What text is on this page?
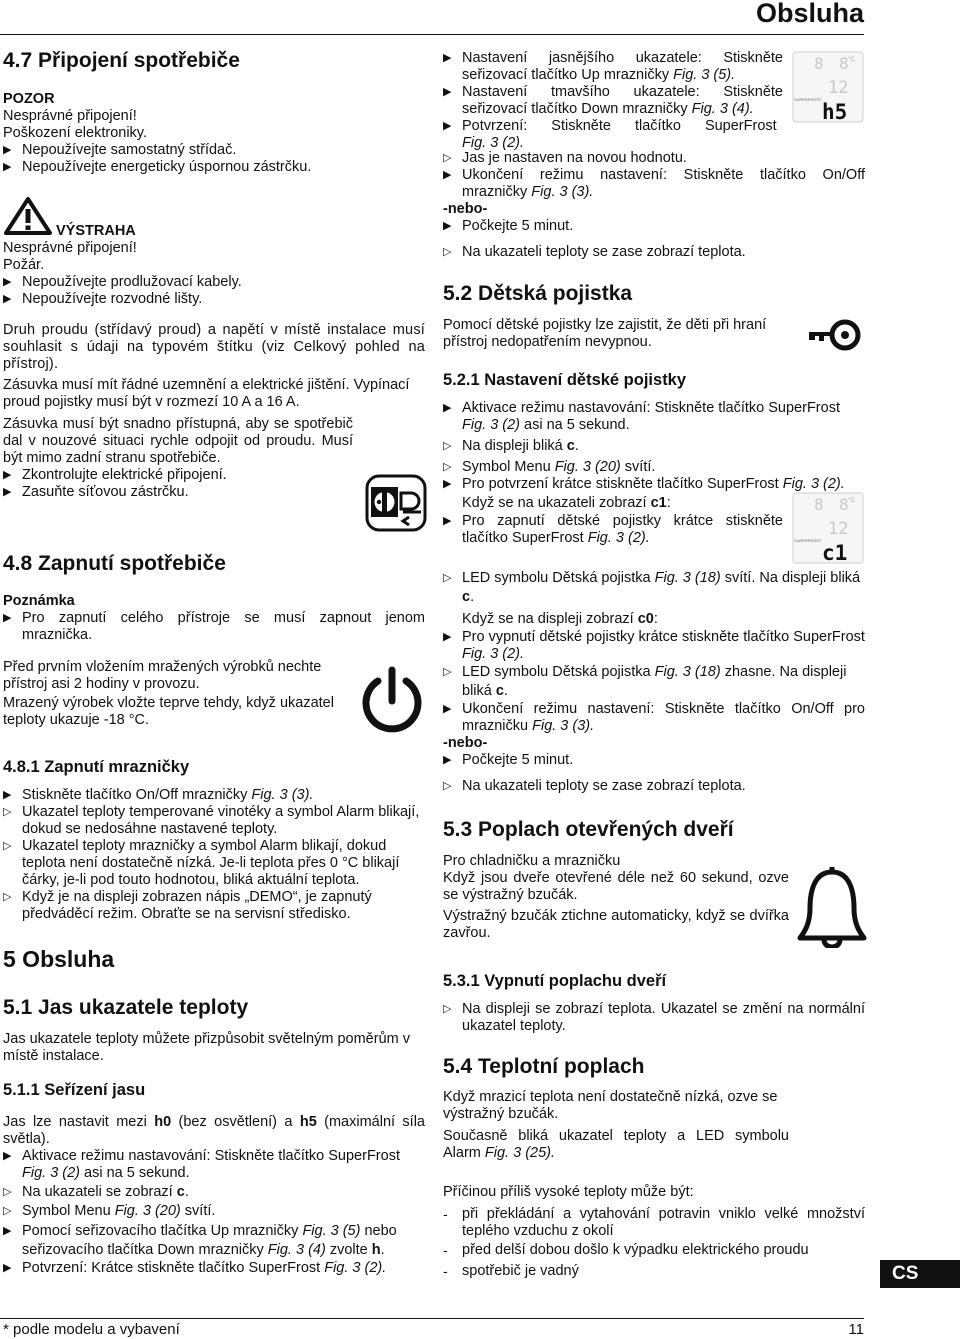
Obsluha
* podle modelu a vybavení	11
CS
4.7 Připojení spotřebiče

POZOR

Nesprávné připojení!

Poškození elektroniky.

▶ Nepoužívejte samostatný střídač.
▶ Nepoužívejte energeticky úspornou zástrčku.

VÝSTRAHA

Nesprávné připojení!

Požár.

▶ Nepoužívejte prodlužovací kabely.
▶ Nepoužívejte rozvodné lišty.

Druh proudu (střídavý proud) a napětí v místě instalace musí souhlasit s údaji na typovém štítku (viz Celkový pohled na přístroj).

Zásuvka musí mít řádné uzemnění a elektrické jištění. Vypínací proud pojistky musí být v rozmezí 10 A a 16 A.

Zásuvka musí být snadno přístupná, aby se spotřebič dal v nouzové situaci rychle odpojit od proudu. Musí být mimo zadní stranu spotřebiče.

▶ Zkontrolujte elektrické připojení.
▶ Zasuňte síťovou zástrčku.
4.8 Zapnutí spotřebiče

Poznámka

▶ Pro zapnutí celého přístroje se musí zapnout jenom mraznička.

Před prvním vložením mražených výrobků nechte přístroj asi 2 hodiny v provozu.

Mrazený výrobek vložte teprve tehdy, když ukazatel teploty ukazuje -18 °C.

4.8.1 Zapnutí mrazničky
▶ Stiskněte tlačítko On/Off mrazničky Fig. 3 (3).
▷ Ukazatel teploty temperované vinotéky a symbol Alarm blikají, dokud se nedosáhne nastavené teploty.
▷ Ukazatel teploty mrazničky a symbol Alarm blikají, dokud teplota není dostatečně nízká. Je-li teplota přes 0 °C blikají čárky, je-li pod touto hodnotou, bliká aktuální teplota.
▷ Když je na displeji zobrazen nápis „DEMO“, je zapnutý předváděcí režim. Obraťte se na servisní středisko.
5 Obsluha
5.1 Jas ukazatele teploty

Jas ukazatele teploty můžete přizpůsobit světelným poměrům v místě instalace.

5.1.1 Seřízení jasu

Jas lze nastavit mezi h0 (bez osvětlení) a h5 (maximální síla světla).

▶ Aktivace režimu nastavování: Stiskněte tlačítko SuperFrost Fig. 3 (2) asi na 5 sekund.
▷ Na ukazateli se zobrazí c.
▷ Symbol Menu Fig. 3 (20) svítí.
▶ Pomocí seřizovacího tlačítka Up mrazničky Fig. 3 (5) nebo seřizovacího tlačítka Down mrazničky Fig. 3 (4) zvolte h.
▶ Potvrzení: Krátce stiskněte tlačítko SuperFrost Fig. 3 (2).
▶ Nastavení jasnějšího ukazatele: Stiskněte seřizovací tlačítko Up mrazničky Fig. 3 (5).
▶ Nastavení tmavšího ukazatele: Stiskněte seřizovací tlačítko Down mrazničky Fig. 3 (4).
▶ Potvrzení: Stiskněte tlačítko SuperFrost Fig. 3 (2).
8 8 °C
12
h5
SUPERFROST
▷ Jas je nastaven na novou hodnotu.
▶ Ukončení režimu nastavení: Stiskněte tlačítko On/Off mrazničky Fig. 3 (3).

-nebo-

▶ Počkejte 5 minut.
▷ Na ukazateli teploty se zase zobrazí teplota.
5.2 Dětská pojistka

Pomocí dětské pojistky lze zajistit, že děti při hraní přístroj nedopatřením nevypnou.

5.2.1 Nastavení dětské pojistky
▶ Aktivace režimu nastavování: Stiskněte tlačítko SuperFrost Fig. 3 (2) asi na 5 sekund.
▷ Na displeji bliká c.
▷ Symbol Menu Fig. 3 (20) svítí.
▶ Pro potvrzení krátce stiskněte tlačítko SuperFrost Fig. 3 (2).

Když se na ukazateli zobrazí c1:

▶ Pro zapnutí dětské pojistky krátce stiskněte tlačítko SuperFrost Fig. 3 (2).
8 8 °C
12
c1
SUPERFROST
▷ LED symbolu Dětská pojistka Fig. 3 (18) svítí. Na displeji bliká c.

Když se na displeji zobrazí c0:

▶ Pro vypnutí dětské pojistky krátce stiskněte tlačítko SuperFrost Fig. 3 (2).
▷ LED symbolu Dětská pojistka Fig. 3 (18) zhasne. Na displeji bliká c.
▶ Ukončení režimu nastavení: Stiskněte tlačítko On/Off pro mrazničku Fig. 3 (3).

-nebo-

▶ Počkejte 5 minut.
▷ Na ukazateli teploty se zase zobrazí teplota.
5.3 Poplach otevřených dveří

Pro chladničku a mrazničku

Když jsou dveře otevřené déle než 60 sekund, ozve se výstražný bzučák.

Výstražný bzučák ztichne automaticky, když se dvířka zavřou.

5.3.1 Vypnutí poplachu dveří
▷ Na displeji se zobrazí teplota. Ukazatel se změní na normální ukazatel teploty.
5.4 Teplotní poplach

Když mrazicí teplota není dostatečně nízká, ozve se výstražný bzučák.

Současně bliká ukazatel teploty a LED symbolu Alarm Fig. 3 (25).

Příčinou příliš vysoké teploty může být:

- při překládání a vytahování potravin vniklo velké množství teplého vzduchu z okolí
- před delší dobou došlo k výpadku elektrického proudu
- spotřebič je vadný
